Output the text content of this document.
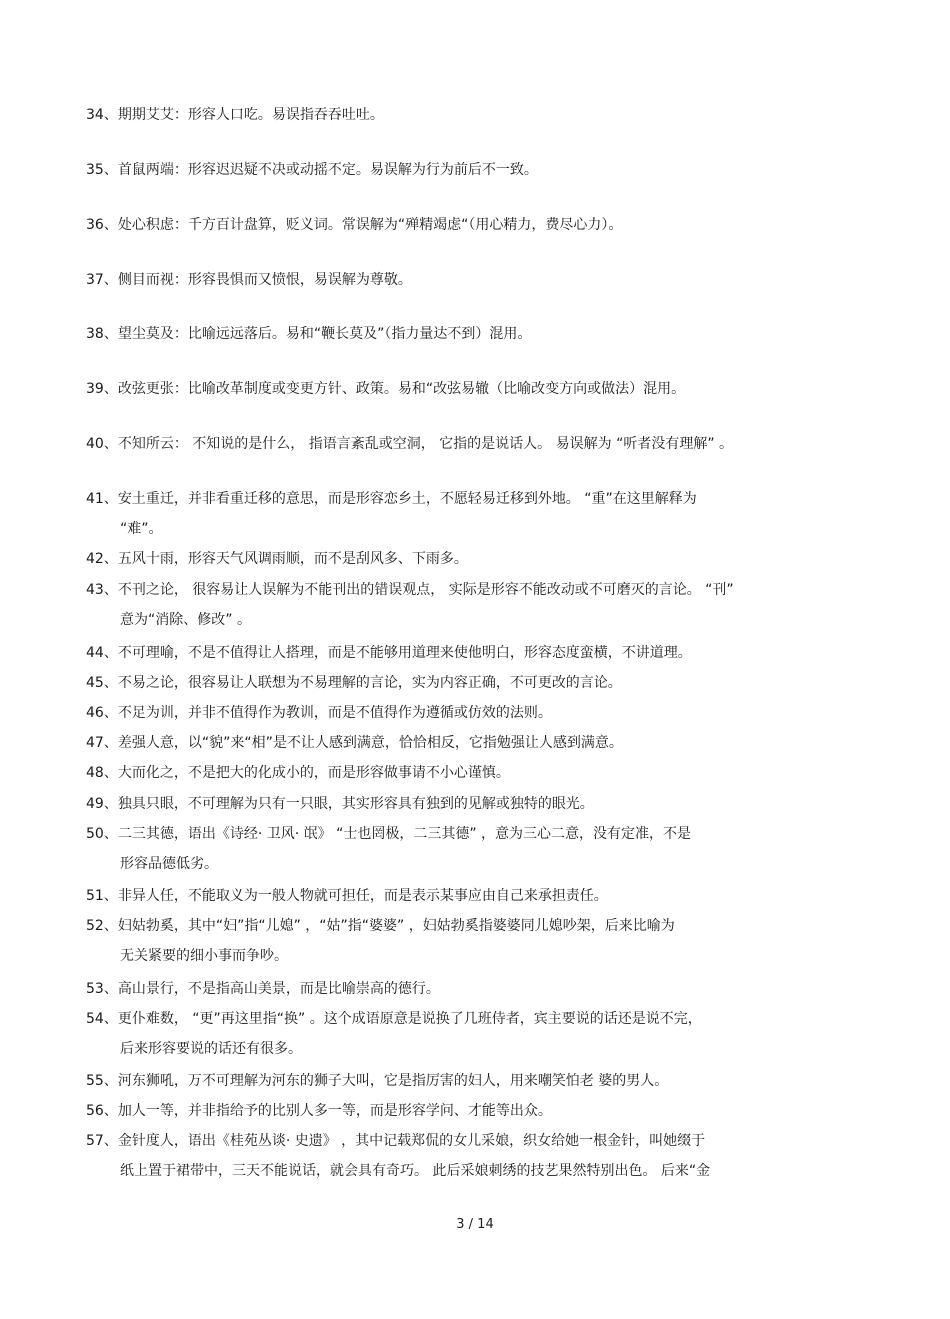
34、期期艾艾：形容人口吃。易误指吞吞吐吐。
35、首鼠两端：形容迟迟疑不决或动摇不定。易误解为行为前后不一致。
36、处心积虑：千方百计盘算，贬义词。常误解为“殚精竭虑“（用心精力，费尽心力）。
37、侧目而视：形容畏惧而又愤恨，易误解为尊敬。
38、望尘莫及：比喻远远落后。易和“鞭长莫及”（指力量达不到）混用。
39、改弦更张：比喻改革制度或变更方针、政策。易和“改弦易辙（比喻改变方向或做法）混用。
40、不知所云： 不知说的是什么， 指语言紊乱或空洞， 它指的是说话人。 易误解为 “听者没有理解” 。
41、安土重迁，并非看重迁移的意思，而是形容恋乡土，不愿轻易迁移到外地。 “重”在这里解释为
“难”。
42、五风十雨，形容天气风调雨顺，而不是刮风多、下雨多。
43、不刊之论， 很容易让人误解为不能刊出的错误观点， 实际是形容不能改动或不可磨灭的言论。 “刊”
意为“消除、修改” 。
44、不可理喻，不是不值得让人搭理，而是不能够用道理来使他明白，形容态度蛮横，不讲道理。
45、不易之论，很容易让人联想为不易理解的言论，实为内容正确，不可更改的言论。
46、不足为训，并非不值得作为教训，而是不值得作为遵循或仿效的法则。
47、差强人意，以“貌”来“相”是不让人感到满意，恰恰相反，它指勉强让人感到满意。
48、大而化之，不是把大的化成小的，而是形容做事请不小心谨慎。
49、独具只眼，不可理解为只有一只眼，其实形容具有独到的见解或独特的眼光。
50、二三其德，语出《诗经· 卫风· 氓》 “士也罔极，二三其德” ，意为三心二意，没有定准，不是
形容品德低劣。
51、非异人任，不能取义为一般人物就可担任，而是表示某事应由自己来承担责任。
52、妇姑勃奚，其中“妇”指“儿媳” ，“姑”指“婆婆” ，妇姑勃奚指婆婆同儿媳吵架，后来比喻为
无关紧要的细小事而争吵。
53、高山景行，不是指高山美景，而是比喻崇高的德行。
54、更仆难数， “更”再这里指“换” 。这个成语原意是说换了几班侍者，宾主要说的话还是说不完，
后来形容要说的话还有很多。
55、河东狮吼，万不可理解为河东的狮子大叫，它是指厉害的妇人，用来嘲笑怕老 婆的男人。
56、加人一等，并非指给予的比别人多一等，而是形容学问、才能等出众。
57、金针度人，语出《桂苑丛谈· 史遗》 ，其中记载郑侃的女儿采娘，织女给她一根金针，叫她缀于
纸上置于裙带中，三天不能说话，就会具有奇巧。 此后采娘刺绣的技艺果然特别出色。 后来“金
3 / 14
